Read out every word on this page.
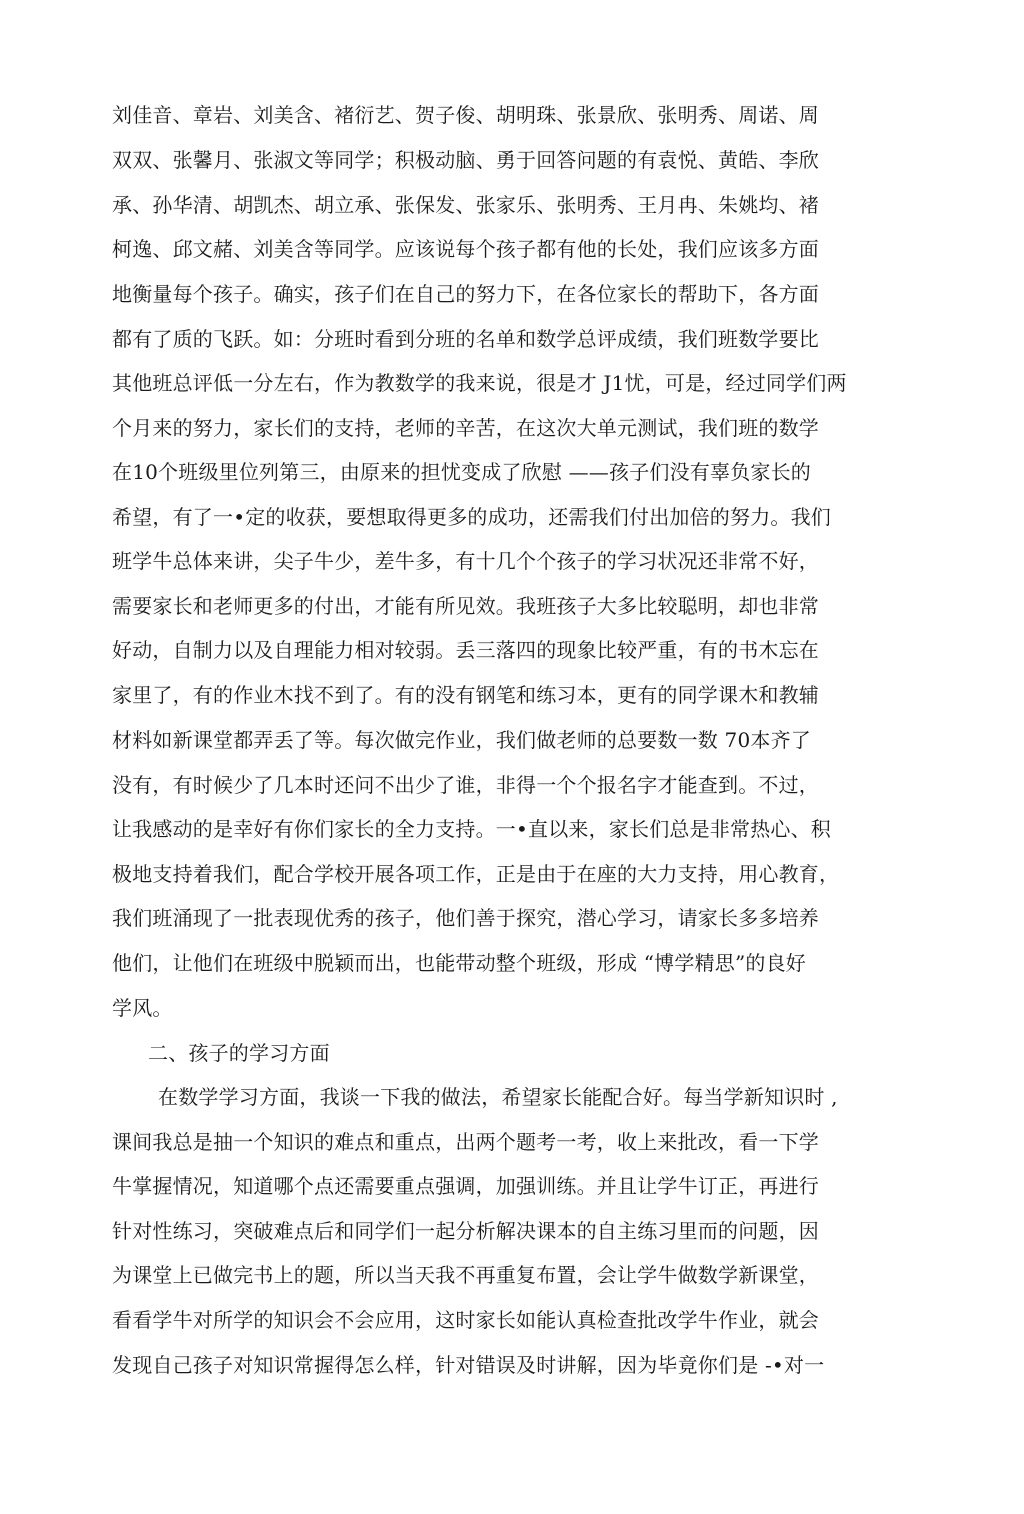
刘佳音、章岩、刘美含、褚衍艺、贺子俊、胡明珠、张景欣、张明秀、周诺、周
双双、张馨月、张淑文等同学；积极动脑、勇于回答问题的有袁悦、黄皓、李欣
承、孙华清、胡凯杰、胡立承、张保发、张家乐、张明秀、王月冉、朱姚均、褚
柯逸、邱文赭、刘美含等同学。应该说每个孩子都有他的长处，我们应该多方面
地衡量每个孩子。确实，孩子们在自己的努力下，在各位家长的帮助下，各方面
都有了质的飞跃。如：分班时看到分班的名单和数学总评成绩，我们班数学要比
其他班总评低一分左右，作为教数学的我来说，很是才 J1忧，可是，经过同学们两
个月来的努力，家长们的支持，老师的辛苦，在这次大单元测试，我们班的数学
在10个班级里位列第三，由原来的担忧变成了欣慰 ——孩子们没有辜负家长的
希望，有了一•定的收获，要想取得更多的成功，还需我们付出加倍的努力。我们
班学牛总体来讲，尖子牛少，差牛多，有十几个个孩子的学习状况还非常不好，
需要家长和老师更多的付出，才能有所见效。我班孩子大多比较聪明，却也非常
好动，自制力以及自理能力相对较弱。丢三落四的现象比较严重，有的书木忘在
家里了，有的作业木找不到了。有的没有钢笔和练习本，更有的同学课木和教辅
材料如新课堂都弄丢了等。每次做完作业，我们做老师的总要数一数 70本齐了
没有，有时候少了几本时还问不出少了谁，非得一个个报名字才能查到。不过，
让我感动的是幸好有你们家长的全力支持。一•直以来，家长们总是非常热心、积
极地支持着我们，配合学校开展各项工作，正是由于在座的大力支持，用心教育，
我们班涌现了一批表现优秀的孩子，他们善于探究，潜心学习，请家长多多培养
他们，让他们在班级中脱颖而出，也能带动整个班级，形成 “博学精思”的良好
学风。
二、孩子的学习方面
在数学学习方面，我谈一下我的做法，希望家长能配合好。每当学新知识时 ,
课间我总是抽一个知识的难点和重点，出两个题考一考，收上来批改，看一下学
牛掌握情况，知道哪个点还需要重点强调，加强训练。并且让学牛订正，再进行
针对性练习，突破难点后和同学们一起分析解决课本的自主练习里而的问题，因
为课堂上已做完书上的题，所以当天我不再重复布置，会让学牛做数学新课堂，
看看学牛对所学的知识会不会应用，这时家长如能认真检查批改学牛作业，就会
发现自己孩子对知识常握得怎么样，针对错误及时讲解，因为毕竟你们是 -•对一
